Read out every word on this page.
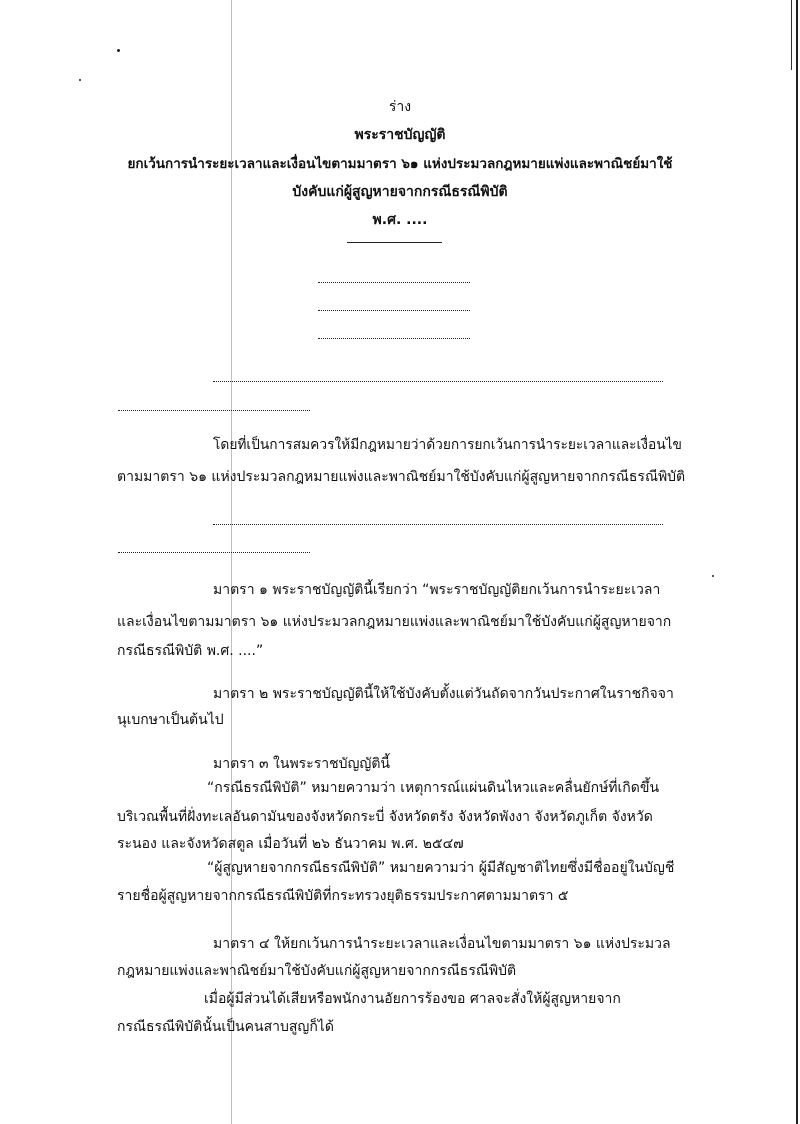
ร่าง
พระราชบัญญัติ
ยกเว้นการนำระยะเวลาและเงื่อนไขตามมาตรา ๖๑ แห่งประมวลกฎหมายแพ่งและพาณิชย์มาใช้
บังคับแก่ผู้สูญหายจากกรณีธรณีพิบัติ
พ.ศ. ....
โดยที่เป็นการสมควรให้มีกฎหมายว่าด้วยการยกเว้นการนำระยะเวลาและเงื่อนไข
ตามมาตรา ๖๑ แห่งประมวลกฎหมายแพ่งและพาณิชย์มาใช้บังคับแก่ผู้สูญหายจากกรณีธรณีพิบัติ
มาตรา ๑ พระราชบัญญัตินี้เรียกว่า “พระราชบัญญัติยกเว้นการนำระยะเวลา
และเงื่อนไขตามมาตรา ๖๑ แห่งประมวลกฎหมายแพ่งและพาณิชย์มาใช้บังคับแก่ผู้สูญหายจาก
กรณีธรณีพิบัติ พ.ศ. ....”
มาตรา ๒ พระราชบัญญัตินี้ให้ใช้บังคับตั้งแต่วันถัดจากวันประกาศในราชกิจจา
นุเบกษาเป็นต้นไป
มาตรา ๓ ในพระราชบัญญัตินี้
“กรณีธรณีพิบัติ” หมายความว่า เหตุการณ์แผ่นดินไหวและคลื่นยักษ์ที่เกิดขึ้น
บริเวณพื้นที่ฝั่งทะเลอันดามันของจังหวัดกระบี่ จังหวัดตรัง จังหวัดพังงา จังหวัดภูเก็ต จังหวัด
ระนอง และจังหวัดสตูล เมื่อวันที่ ๒๖ ธันวาคม พ.ศ. ๒๕๔๗
“ผู้สูญหายจากกรณีธรณีพิบัติ” หมายความว่า ผู้มีสัญชาติไทยซึ่งมีชื่ออยู่ในบัญชี
รายชื่อผู้สูญหายจากกรณีธรณีพิบัติที่กระทรวงยุติธรรมประกาศตามมาตรา ๕
มาตรา ๔ ให้ยกเว้นการนำระยะเวลาและเงื่อนไขตามมาตรา ๖๑ แห่งประมวล
กฎหมายแพ่งและพาณิชย์มาใช้บังคับแก่ผู้สูญหายจากกรณีธรณีพิบัติ
เมื่อผู้มีส่วนได้เสียหรือพนักงานอัยการร้องขอ ศาลจะสั่งให้ผู้สูญหายจาก
กรณีธรณีพิบัตินั้นเป็นคนสาบสูญก็ได้
